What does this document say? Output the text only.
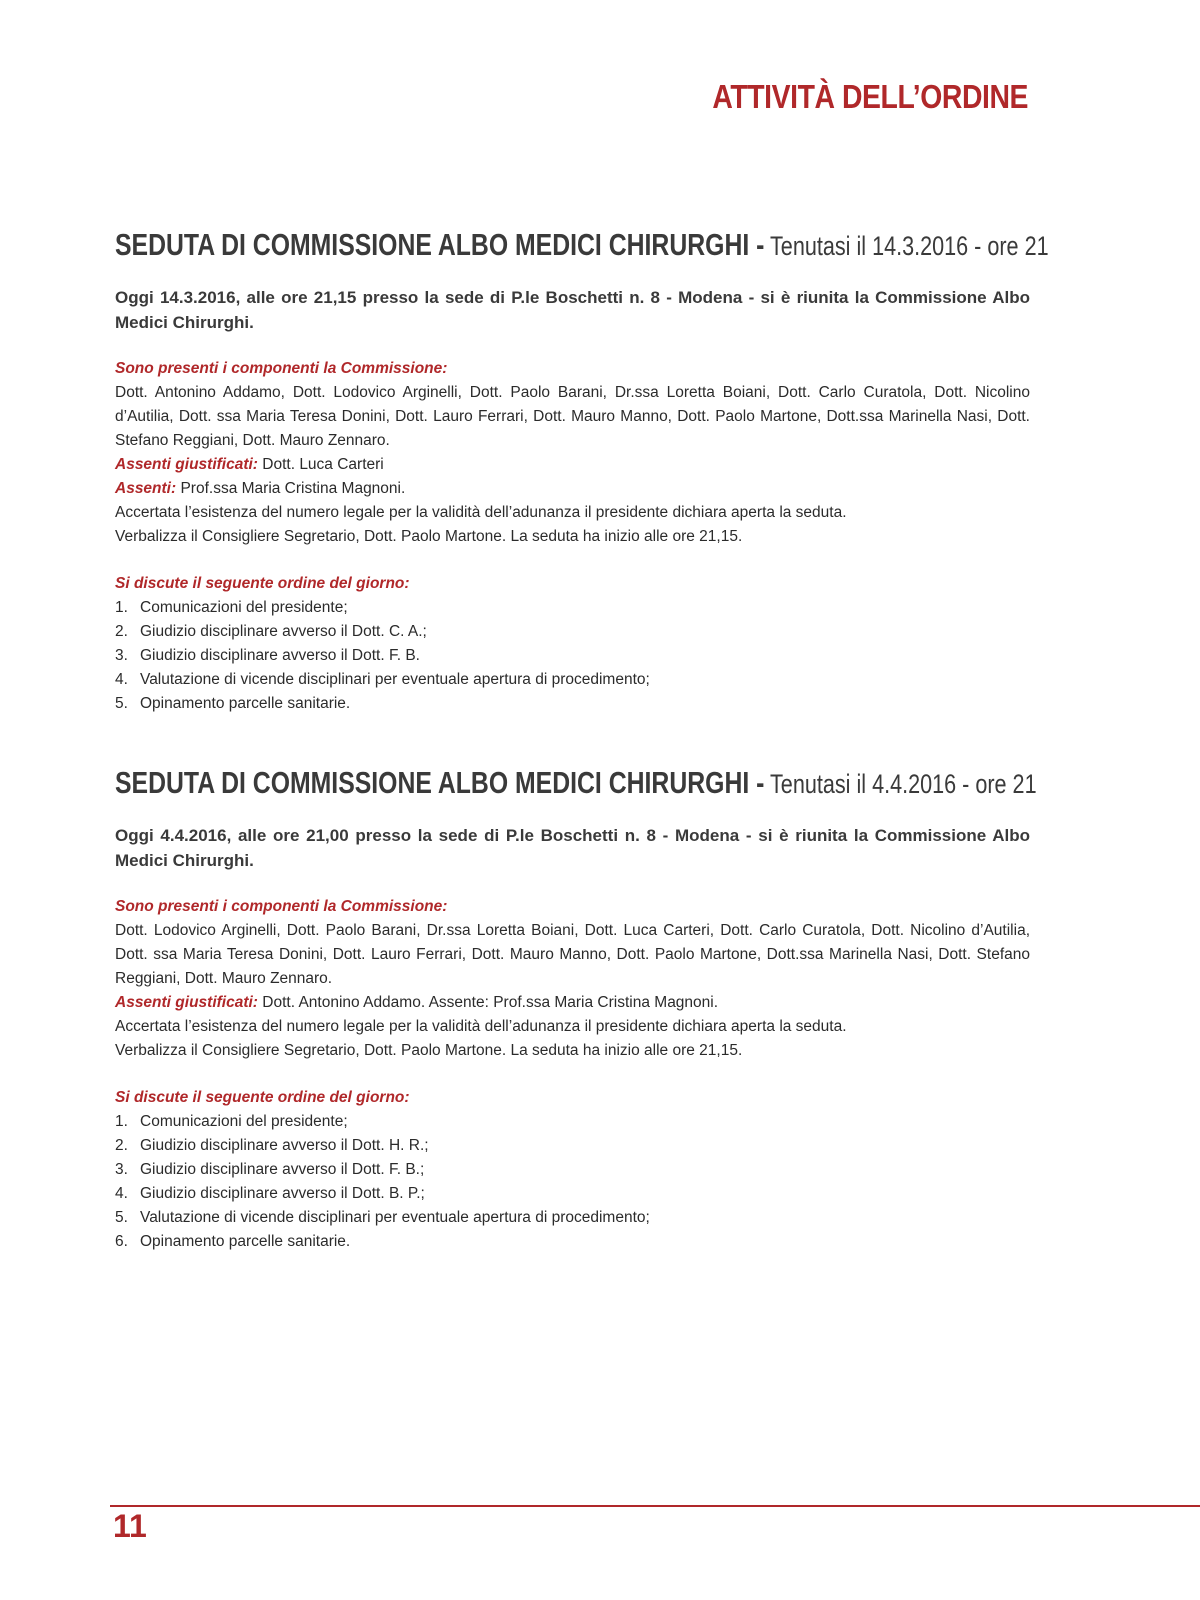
ATTIVITÀ DELL’ORDINE
SEDUTA DI COMMISSIONE ALBO MEDICI CHIRURGHI - Tenutasi il 14.3.2016 - ore 21

Oggi 14.3.2016, alle ore 21,15 presso la sede di P.le Boschetti n. 8 - Modena - si è riunita la Commissione Albo Medici Chirurghi.

Sono presenti i componenti la Commissione:

Dott. Antonino Addamo, Dott. Lodovico Arginelli, Dott. Paolo Barani, Dr.ssa Loretta Boiani, Dott. Carlo Curatola, Dott. Nicolino d’Autilia, Dott. ssa Maria Teresa Donini, Dott. Lauro Ferrari, Dott. Mauro Manno, Dott. Paolo Martone, Dott.ssa Marinella Nasi, Dott. Stefano Reggiani, Dott. Mauro Zennaro.

Assenti giustificati: Dott. Luca Carteri

Assenti: Prof.ssa Maria Cristina Magnoni.

Accertata l’esistenza del numero legale per la validità dell’adunanza il presidente dichiara aperta la seduta.

Verbalizza il Consigliere Segretario, Dott. Paolo Martone. La seduta ha inizio alle ore 21,15.

Si discute il seguente ordine del giorno:
1. Comunicazioni del presidente;
2. Giudizio disciplinare avverso il Dott. C. A.;
3. Giudizio disciplinare avverso il Dott. F. B.
4. Valutazione di vicende disciplinari per eventuale apertura di procedimento;
5. Opinamento parcelle sanitarie.
SEDUTA DI COMMISSIONE ALBO MEDICI CHIRURGHI - Tenutasi il 4.4.2016 - ore 21

Oggi 4.4.2016, alle ore 21,00 presso la sede di P.le Boschetti n. 8 - Modena - si è riunita la Commissione Albo Medici Chirurghi.

Sono presenti i componenti la Commissione:

Dott. Lodovico Arginelli, Dott. Paolo Barani, Dr.ssa Loretta Boiani, Dott. Luca Carteri, Dott. Carlo Curatola, Dott. Nicolino d’Autilia, Dott. ssa Maria Teresa Donini, Dott. Lauro Ferrari, Dott. Mauro Manno, Dott. Paolo Martone, Dott.ssa Marinella Nasi, Dott. Stefano Reggiani, Dott. Mauro Zennaro.

Assenti giustificati: Dott. Antonino Addamo. Assente: Prof.ssa Maria Cristina Magnoni.

Accertata l’esistenza del numero legale per la validità dell’adunanza il presidente dichiara aperta la seduta.

Verbalizza il Consigliere Segretario, Dott. Paolo Martone. La seduta ha inizio alle ore 21,15.

Si discute il seguente ordine del giorno:
1. Comunicazioni del presidente;
2. Giudizio disciplinare avverso il Dott. H. R.;
3. Giudizio disciplinare avverso il Dott. F. B.;
4. Giudizio disciplinare avverso il Dott. B. P.;
5. Valutazione di vicende disciplinari per eventuale apertura di procedimento;
6. Opinamento parcelle sanitarie.
11
